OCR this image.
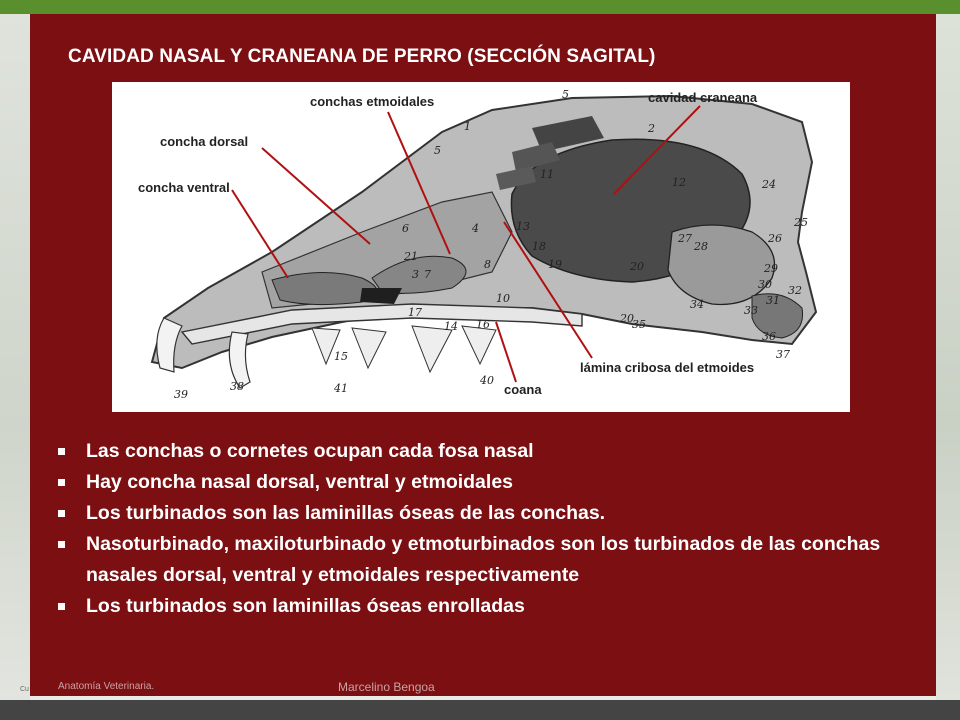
Cu
CAVIDAD NASAL Y CRANEANA DE PERRO (SECCIÓN SAGITAL)
5
2
1
5
11
12	24
25
26
27
28
29
30
31
32
33
34
35
36
37
38
39
40
41
15
16
17
18
19
20
20
21
3
4
6
7
8
9	10
13
14
conchas etmoidales	cavidad craneana
concha dorsal
concha ventral
lámina cribosa del etmoides
coana
Las conchas o cornetes ocupan cada fosa nasal
Hay concha nasal dorsal, ventral y etmoidales
Los turbinados son las laminillas óseas de las conchas.
Nasoturbinado, maxiloturbinado y etmoturbinados son los turbinados de las conchas nasales dorsal, ventral y etmoidales respectivamente
Los turbinados son laminillas óseas enrolladas
Anatomía Veterinaria.	Marcelino Bengoa
